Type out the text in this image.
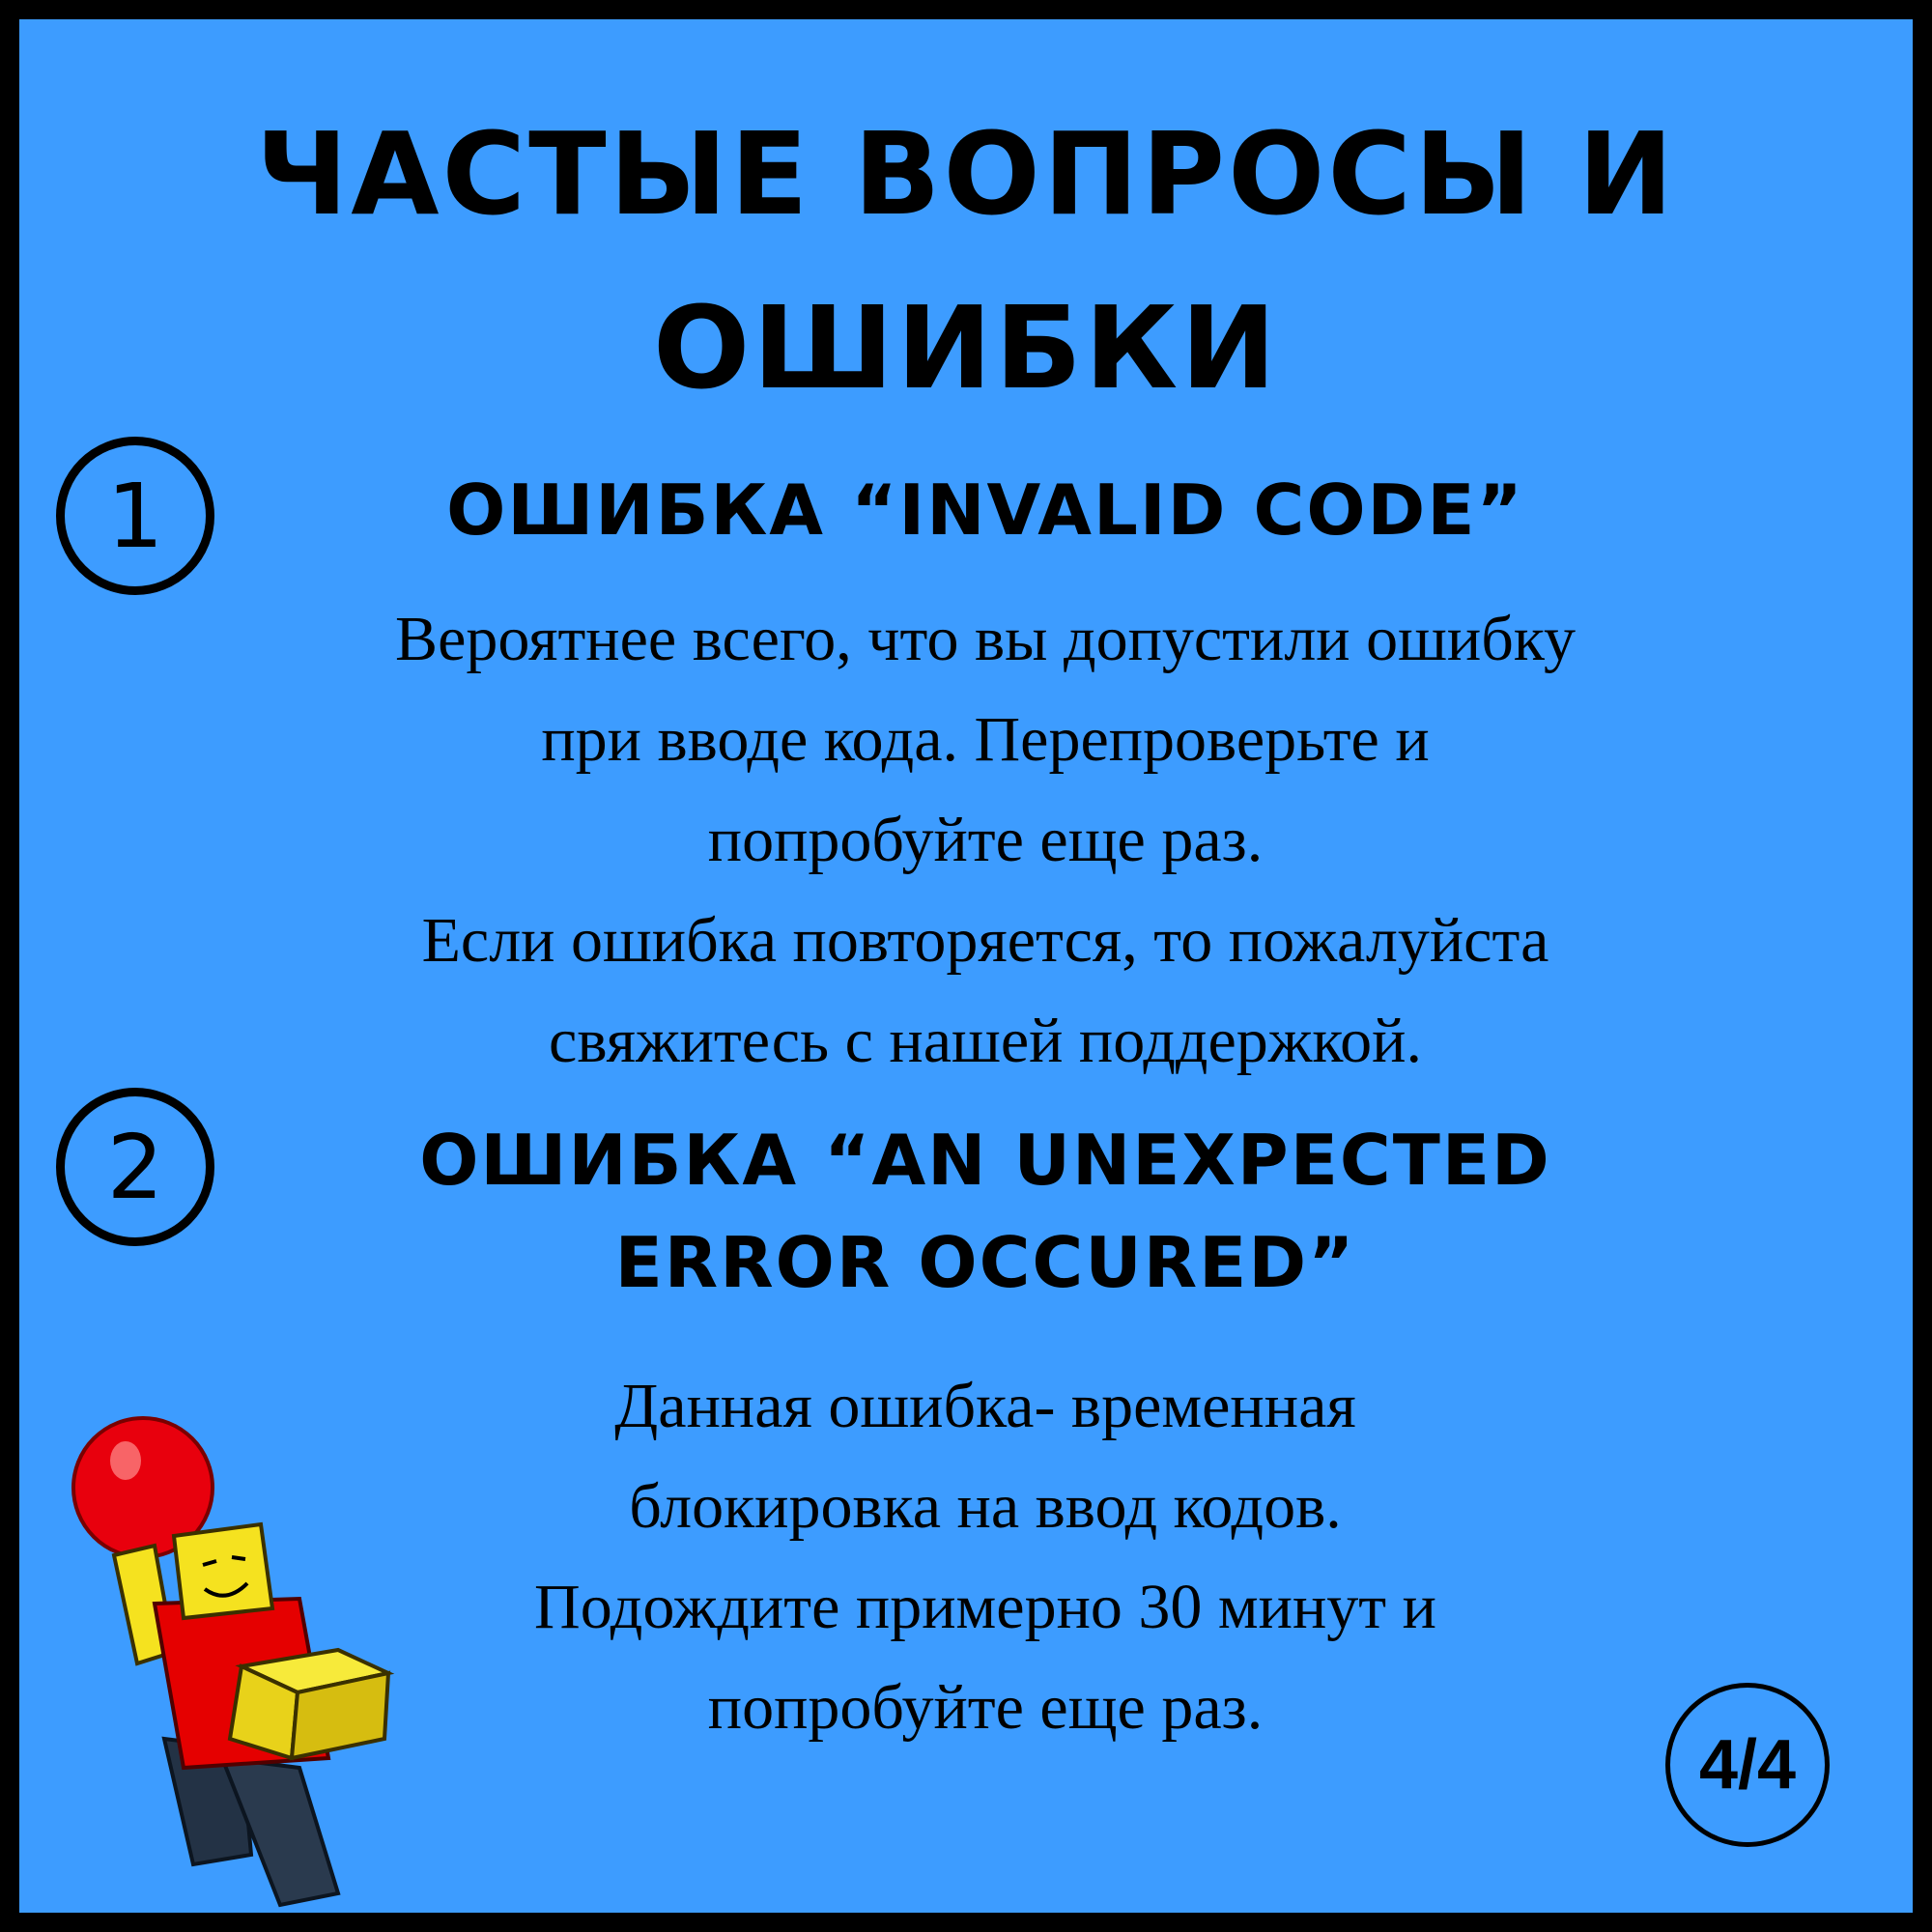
ЧАСТЫЕ ВОПРОСЫ И
ОШИБКИ
1	ОШИБКА “INVALID CODE”

Вероятнее всего, что вы допустили ошибку
при вводе кода. Перепроверьте и
попробуйте еще раз.
Если ошибка повторяется, то пожалуйста
свяжитесь с нашей поддержкой.

2	ОШИБКА “AN UNEXPECTED
ERROR OCCURED”

Данная ошибка- временная
блокировка на ввод кодов.
Подождите примерно 30 минут и
попробуйте еще раз.

4/4
